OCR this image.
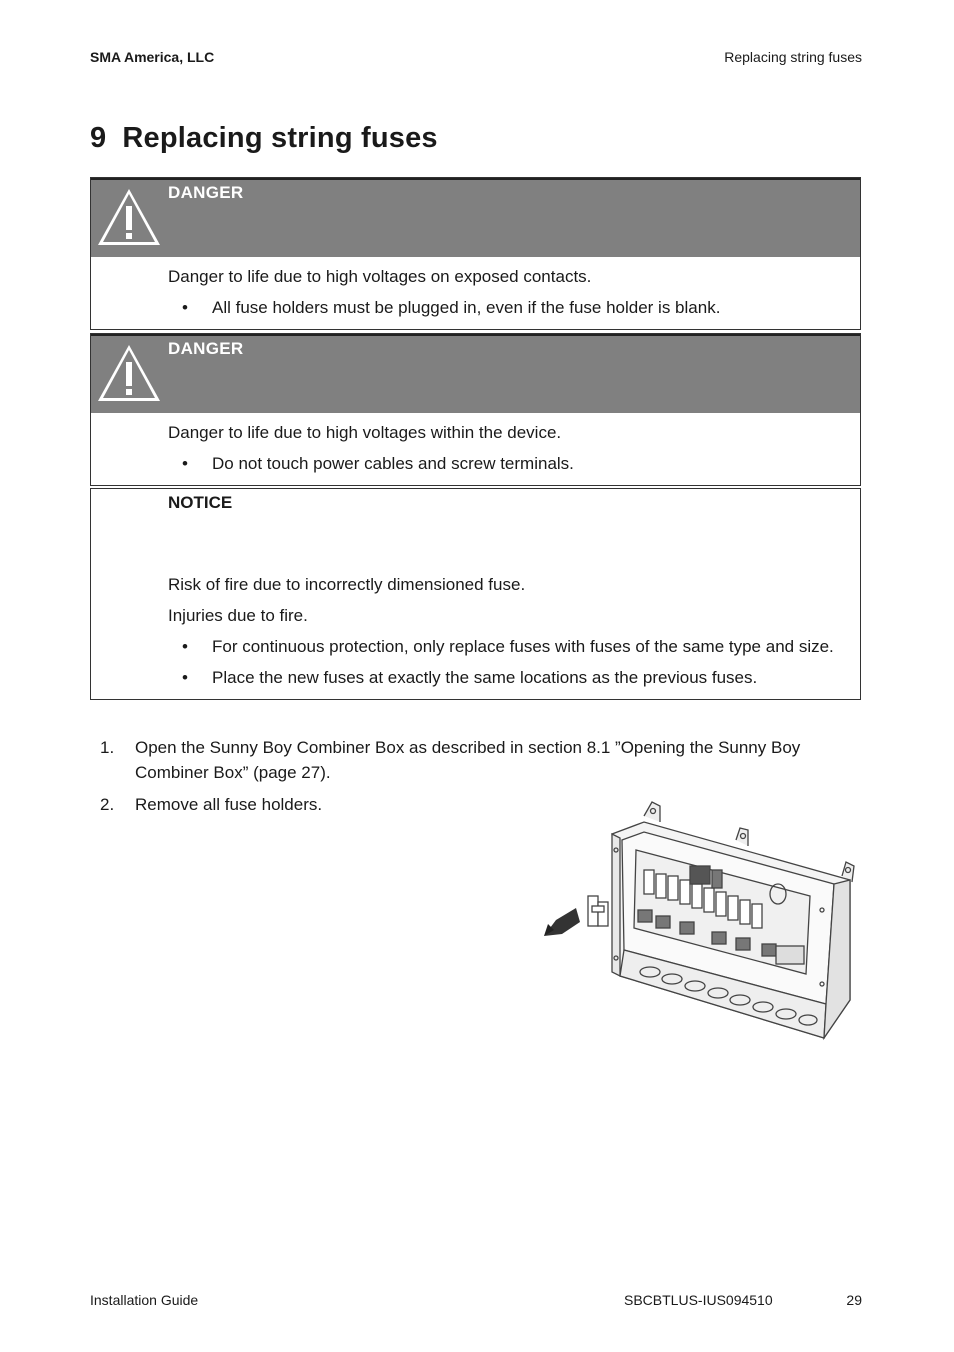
SMA America, LLC	Replacing string fuses
9 Replacing string fuses
DANGER

Danger to life due to high voltages on exposed contacts.

• All fuse holders must be plugged in, even if the fuse holder is blank.
DANGER

Danger to life due to high voltages within the device.

• Do not touch power cables and screw terminals.
NOTICE

Risk of fire due to incorrectly dimensioned fuse.

Injuries due to fire.

• For continuous protection, only replace fuses with fuses of the same type and size.
• Place the new fuses at exactly the same locations as the previous fuses.
1. Open the Sunny Boy Combiner Box as described in section 8.1 ”Opening the Sunny Boy Combiner Box” (page 27).
2. Remove all fuse holders.
Installation Guide	SBCBTLUS-IUS094510	29
